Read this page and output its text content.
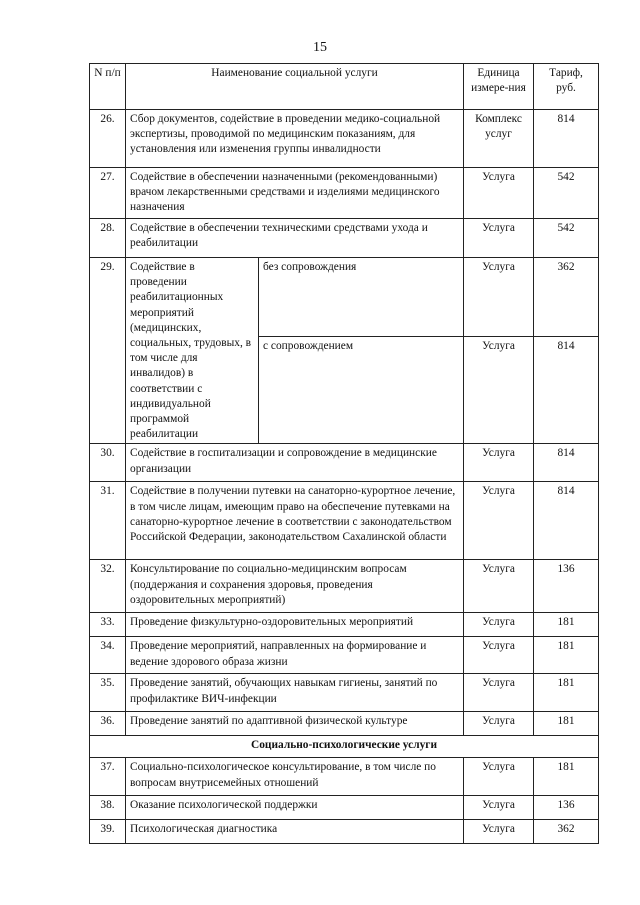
15
N п/п	Наименование социальной услуги		Единица измере-ния	Тариф, руб.
26.	Сбор документов, содействие в проведении медико-социальной экспертизы, проводимой по медицинским показаниям, для установления или изменения группы инвалидности		Комплекс услуг	814
27.	Содействие в обеспечении назначенными (рекомендованными) врачом лекарственными средствами и изделиями медицинского назначения		Услуга	542
28.	Содействие в обеспечении техническими средствами ухода и реабилитации		Услуга	542
29.	Содействие в проведении реабилитационных мероприятий (медицинских, социальных, трудовых, в том числе для инвалидов) в соответствии с индивидуальной программой реабилитации	без сопровождения	Услуга	362
		с сопровождением	Услуга	814
30.	Содействие в госпитализации и сопровождение в медицинские организации		Услуга	814
31.	Содействие в получении путевки на санаторно-курортное лечение, в том числе лицам, имеющим право на обеспечение путевками на санаторно-курортное лечение в соответствии с законодательством Российской Федерации, законодательством Сахалинской области		Услуга	814
32.	Консультирование по социально-медицинским вопросам (поддержания и сохранения здоровья, проведения оздоровительных мероприятий)		Услуга	136
33.	Проведение физкультурно-оздоровительных мероприятий		Услуга	181
34.	Проведение мероприятий, направленных на формирование и ведение здорового образа жизни		Услуга	181
35.	Проведение занятий, обучающих навыкам гигиены, занятий по профилактике ВИЧ-инфекции		Услуга	181
36.	Проведение занятий по адаптивной физической культуре		Услуга	181
Социально-психологические услуги				
37.	Социально-психологическое консультирование, в том числе по вопросам внутрисемейных отношений		Услуга	181
38.	Оказание психологической поддержки		Услуга	136
39.	Психологическая диагностика		Услуга	362
